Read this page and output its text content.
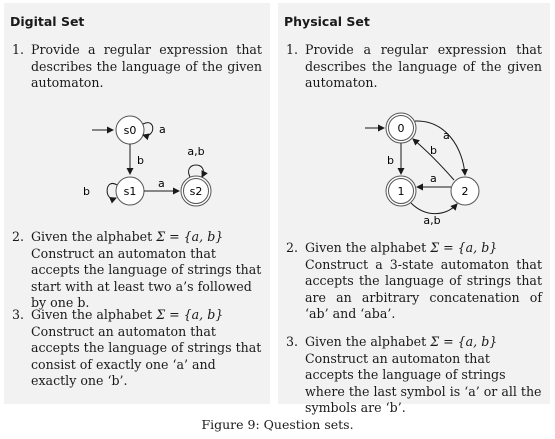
Digital Set
1. Provide a regular expression that describes the language of the given automaton.
s0 a
b
s1
b
a
s2
a,b
2. Given the alphabet Σ = {a, b}
Construct an automaton that accepts the language of strings that start with at least two a’s followed by one b.
3. Given the alphabet Σ = {a, b}
Construct an automaton that accepts the language of strings that consist of exactly one ‘a’ and exactly one ‘b’.
Physical Set
1. Provide a regular expression that describes the language of the given automaton.
0
1	2
a
b
b
a
a,b
2. Given the alphabet Σ = {a, b}
Construct a 3-state automaton that accepts the language of strings that are an arbitrary concatenation of ‘ab’ and ‘aba’.
3. Given the alphabet Σ = {a, b}
Construct an automaton that accepts the language of strings where the last symbol is ‘a’ or all the symbols are ‘b’.
Figure 9: Question sets.
